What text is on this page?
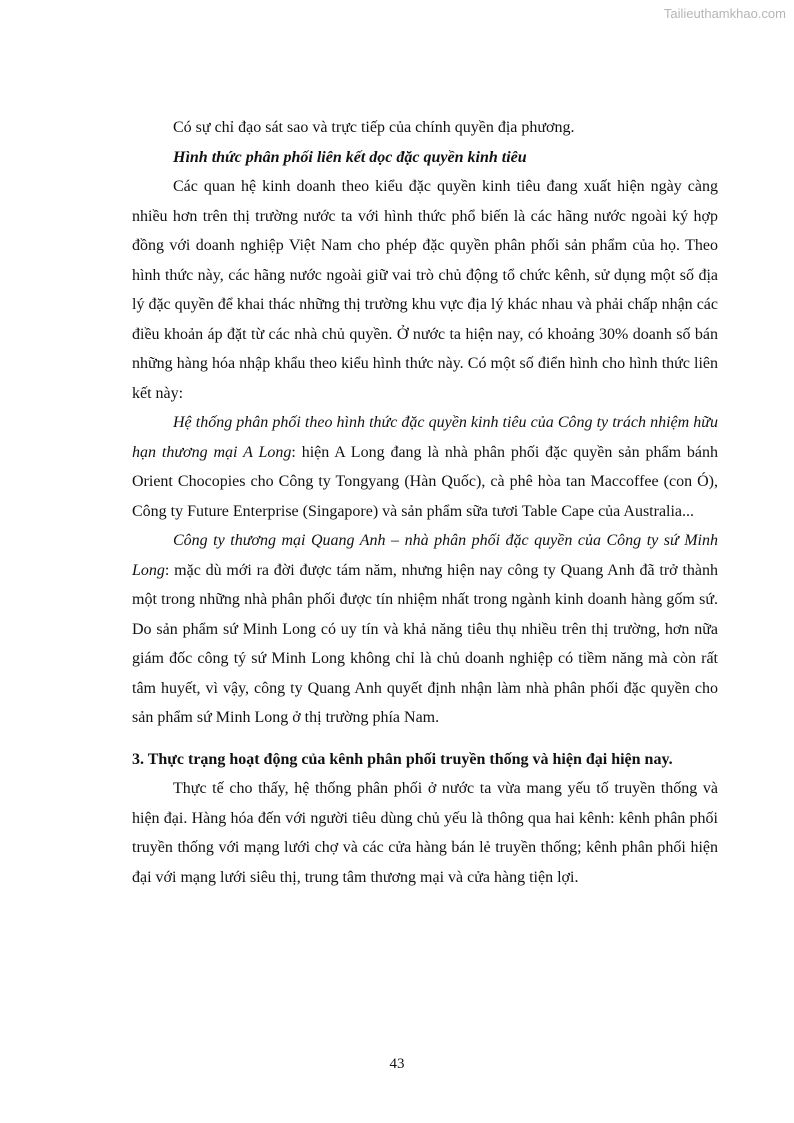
Tailieuthamkhao.com

Có sự chỉ đạo sát sao và trực tiếp của chính quyền địa phương.

Hình thức phân phối liên kết dọc đặc quyền kinh tiêu

Các quan hệ kinh doanh theo kiểu đặc quyền kinh tiêu đang xuất hiện ngày càng nhiều hơn trên thị trường nước ta với hình thức phổ biến là các hãng nước ngoài ký hợp đồng với doanh nghiệp Việt Nam cho phép đặc quyền phân phối sản phẩm của họ. Theo hình thức này, các hãng nước ngoài giữ vai trò chủ động tổ chức kênh, sử dụng một số địa lý đặc quyền để khai thác những thị trường khu vực địa lý khác nhau và phải chấp nhận các điều khoản áp đặt từ các nhà chủ quyền. Ở nước ta hiện nay, có khoảng 30% doanh số bán những hàng hóa nhập khẩu theo kiểu hình thức này. Có một số điển hình cho hình thức liên kết này:

Hệ thống phân phối theo hình thức đặc quyền kinh tiêu của Công ty trách nhiệm hữu hạn thương mại A Long: hiện A Long đang là nhà phân phối đặc quyền sản phẩm bánh Orient Chocopies cho Công ty Tongyang (Hàn Quốc), cà phê hòa tan Maccoffee (con Ó), Công ty Future Enterprise (Singapore) và sản phẩm sữa tươi Table Cape của Australia...

Công ty thương mại Quang Anh – nhà phân phối đặc quyền của Công ty sứ Minh Long: mặc dù mới ra đời được tám năm, nhưng hiện nay công ty Quang Anh đã trở thành một trong những nhà phân phối được tín nhiệm nhất trong ngành kinh doanh hàng gốm sứ. Do sản phẩm sứ Minh Long có uy tín và khả năng tiêu thụ nhiều trên thị trường, hơn nữa giám đốc công tý sứ Minh Long không chỉ là chủ doanh nghiệp có tiềm năng mà còn rất tâm huyết, vì vậy, công ty Quang Anh quyết định nhận làm nhà phân phối đặc quyền cho sản phẩm sứ Minh Long ở thị trường phía Nam.

3. Thực trạng hoạt động của kênh phân phối truyền thống và hiện đại hiện nay.

Thực tế cho thấy, hệ thống phân phối ở nước ta vừa mang yếu tố truyền thống và hiện đại. Hàng hóa đến với người tiêu dùng chủ yếu là thông qua hai kênh: kênh phân phối truyền thống với mạng lưới chợ và các cửa hàng bán lẻ truyền thống; kênh phân phối hiện đại với mạng lưới siêu thị, trung tâm thương mại và cửa hàng tiện lợi.

43
